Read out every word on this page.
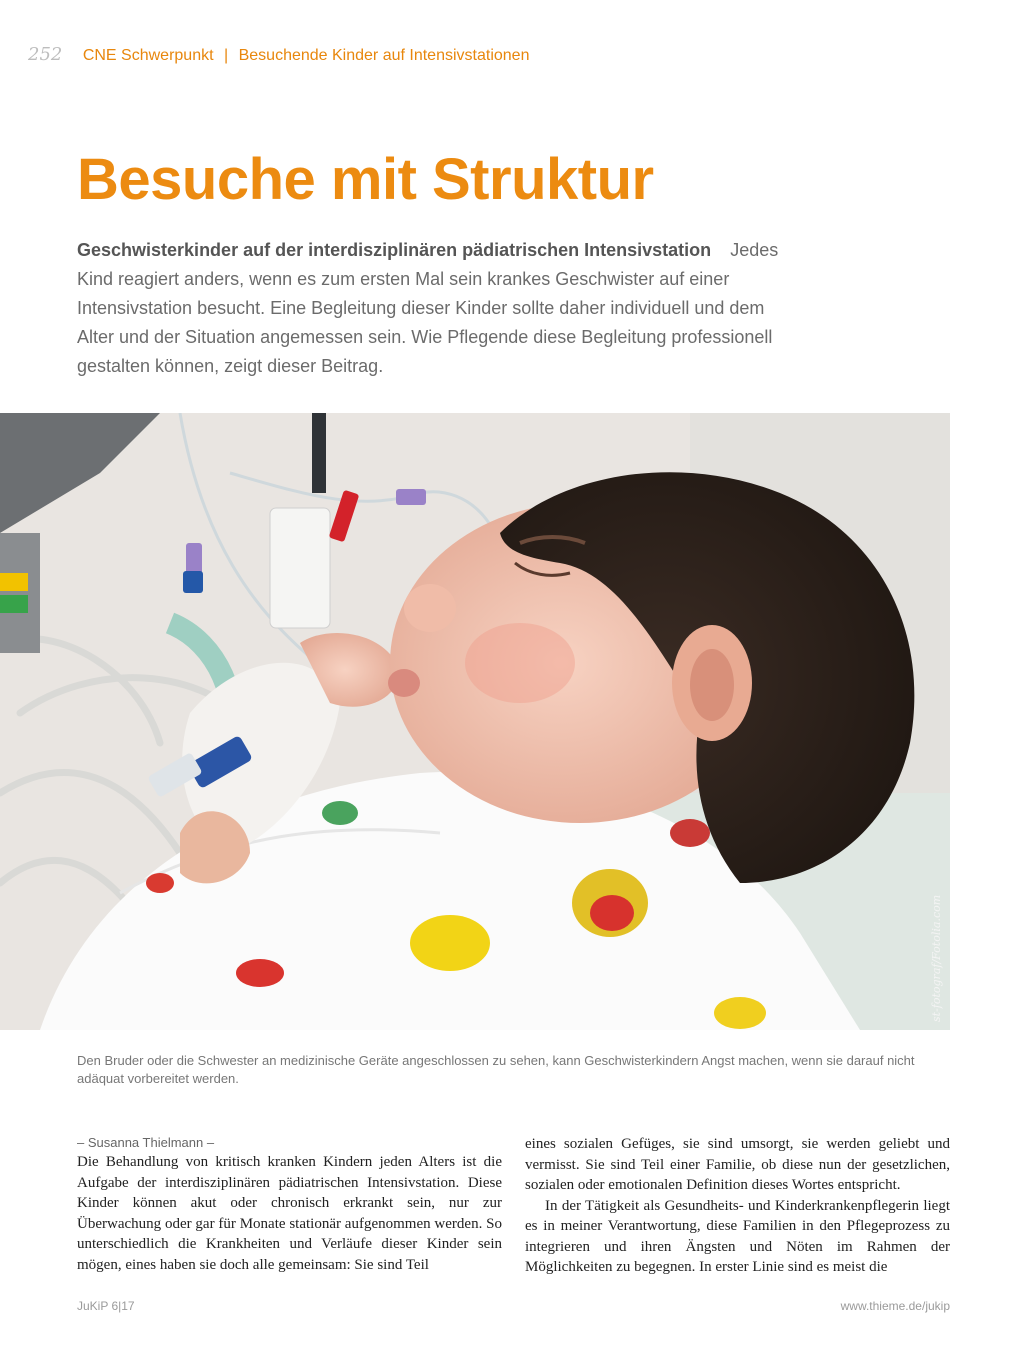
252 CNE Schwerpunkt | Besuchende Kinder auf Intensivstationen
Besuche mit Struktur

Geschwisterkinder auf der interdisziplinären pädiatrischen Intensivstation Jedes Kind reagiert anders, wenn es zum ersten Mal sein krankes Geschwister auf einer Intensivstation besucht. Eine Begleitung dieser Kinder sollte daher individuell und dem Alter und der Situation angemessen sein. Wie Pflegende diese Begleitung professionell gestalten können, zeigt dieser Beitrag.

st-fotograf/Fotolia.com

Den Bruder oder die Schwester an medizinische Geräte angeschlossen zu sehen, kann Geschwisterkindern Angst machen, wenn sie darauf nicht adäquat vorbereitet werden.

– Susanna Thielmann –

Die Behandlung von kritisch kranken Kindern jeden Alters ist die Aufgabe der interdisziplinären pädiatrischen Intensivstation. Diese Kinder können akut oder chronisch erkrankt sein, nur zur Überwachung oder gar für Monate stationär aufgenommen werden. So unterschiedlich die Krankheiten und Verläufe dieser Kinder sein mögen, eines haben sie doch alle gemeinsam: Sie sind Teil

eines sozialen Gefüges, sie sind umsorgt, sie werden geliebt und vermisst. Sie sind Teil einer Familie, ob diese nun der gesetzlichen, sozialen oder emotionalen Definition dieses Wortes entspricht.

In der Tätigkeit als Gesundheits- und Kinderkrankenpflegerin liegt es in meiner Verantwortung, diese Familien in den Pflegeprozess zu integrieren und ihren Ängsten und Nöten im Rahmen der Möglichkeiten zu begegnen. In erster Linie sind es meist die

JuKiP 6|17	www.thieme.de/jukip
